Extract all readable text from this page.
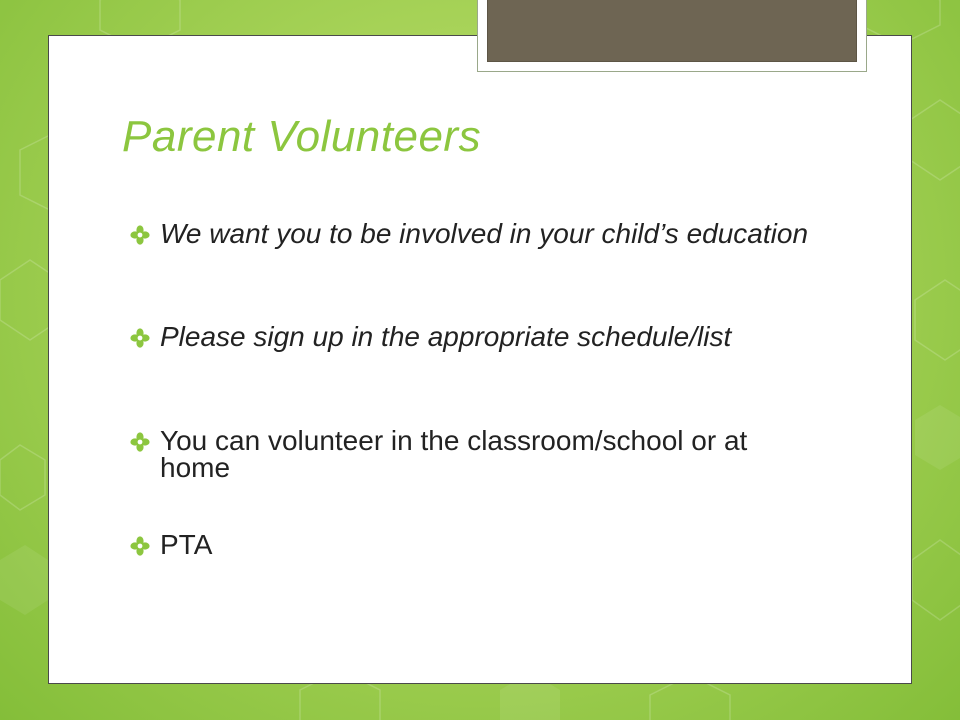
Parent Volunteers
We want you to be involved in your child’s education
Please sign up in the appropriate schedule/list
You can volunteer in the classroom/school or at home
PTA
